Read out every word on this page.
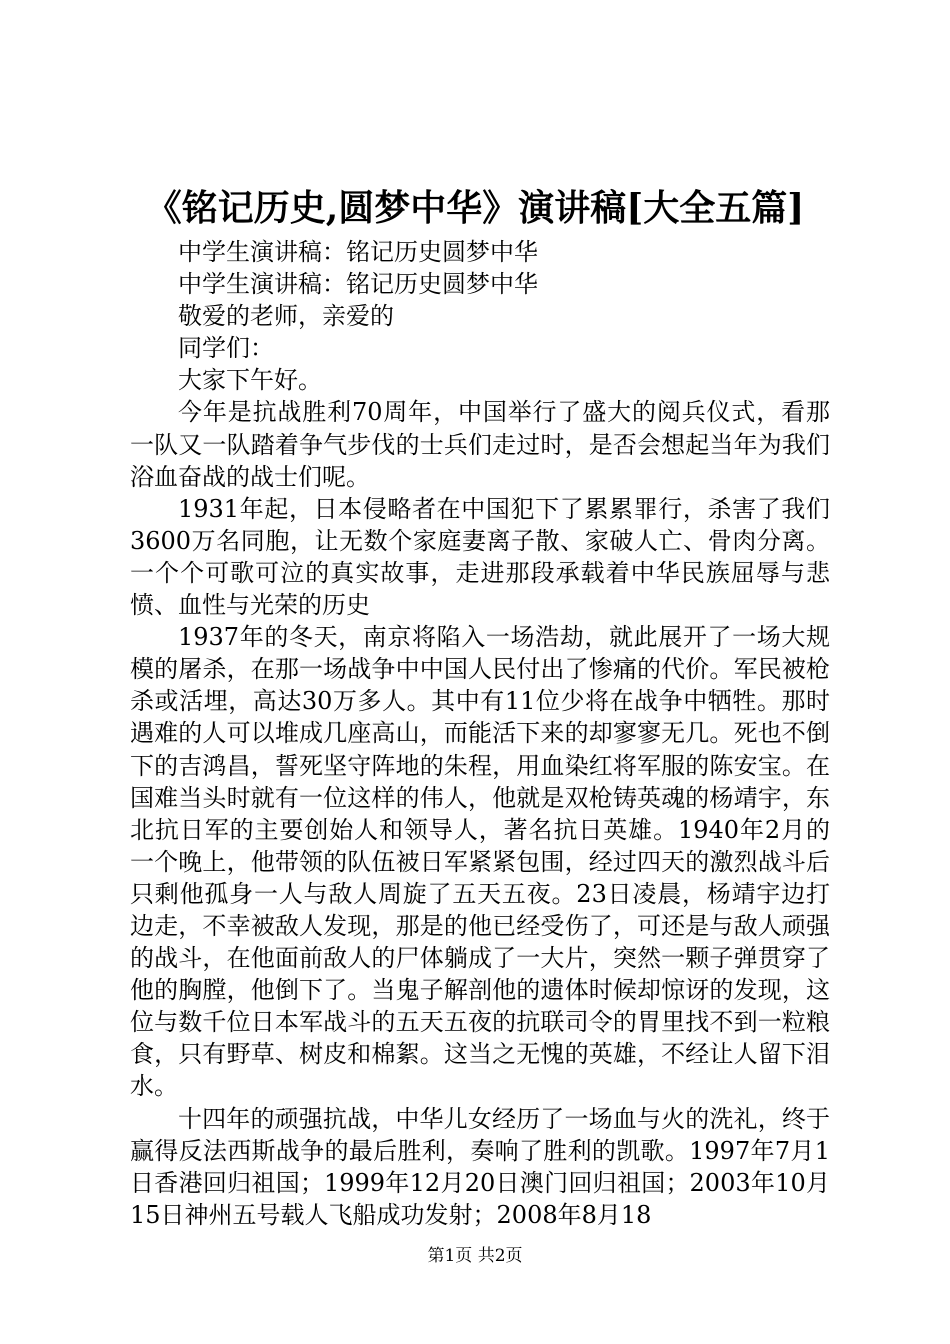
《铭记历史,圆梦中华》演讲稿[大全五篇]

中学生演讲稿：铭记历史圆梦中华

中学生演讲稿：铭记历史圆梦中华

敬爱的老师，亲爱的

同学们：

大家下午好。

今年是抗战胜利70周年，中国举行了盛大的阅兵仪式，看那一队又一队踏着争气步伐的士兵们走过时，是否会想起当年为我们浴血奋战的战士们呢。

1931年起，日本侵略者在中国犯下了累累罪行，杀害了我们3600万名同胞，让无数个家庭妻离子散、家破人亡、骨肉分离。一个个可歌可泣的真实故事，走进那段承载着中华民族屈辱与悲愤、血性与光荣的历史

1937年的冬天，南京将陷入一场浩劫，就此展开了一场大规模的屠杀，在那一场战争中中国人民付出了惨痛的代价。军民被枪杀或活埋，高达30万多人。其中有11位少将在战争中牺牲。那时遇难的人可以堆成几座高山，而能活下来的却寥寥无几。死也不倒下的吉鸿昌，誓死坚守阵地的朱程，用血染红将军服的陈安宝。在国难当头时就有一位这样的伟人，他就是双枪铸英魂的杨靖宇，东北抗日军的主要创始人和领导人，著名抗日英雄。1940年2月的一个晚上，他带领的队伍被日军紧紧包围，经过四天的激烈战斗后只剩他孤身一人与敌人周旋了五天五夜。23日凌晨，杨靖宇边打边走，不幸被敌人发现，那是的他已经受伤了，可还是与敌人顽强的战斗，在他面前敌人的尸体躺成了一大片，突然一颗子弹贯穿了他的胸膛，他倒下了。当鬼子解剖他的遗体时候却惊讶的发现，这位与数千位日本军战斗的五天五夜的抗联司令的胃里找不到一粒粮食，只有野草、树皮和棉絮。这当之无愧的英雄，不经让人留下泪水。

十四年的顽强抗战，中华儿女经历了一场血与火的洗礼，终于赢得反法西斯战争的最后胜利，奏响了胜利的凯歌。1997年7月1日香港回归祖国；1999年12月20日澳门回归祖国；2003年10月15日神州五号载人飞船成功发射；2008年8月18

第1页 共2页
